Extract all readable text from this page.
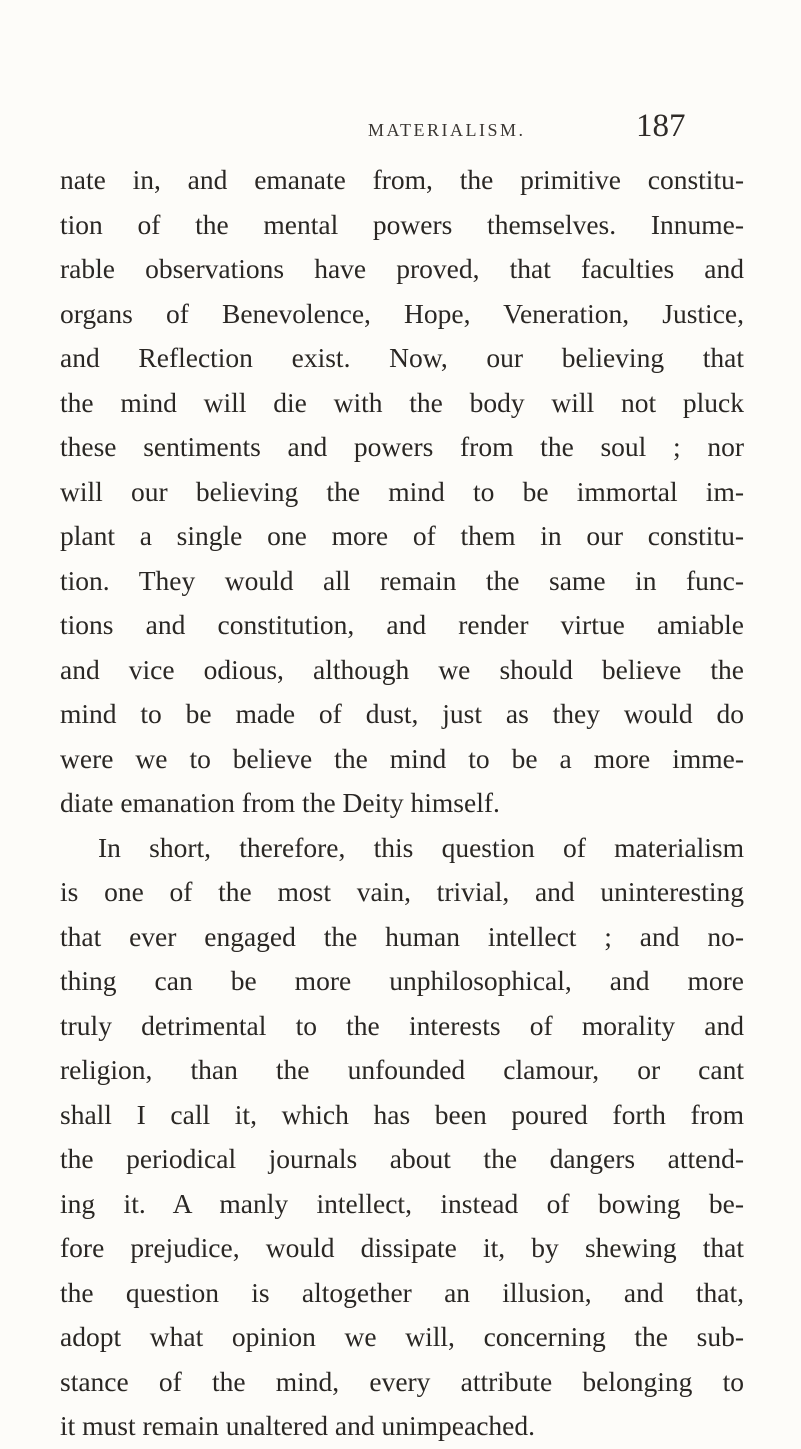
MATERIALISM.	187
nate in, and emanate from, the primitive constitu-
tion of the mental powers themselves. Innume-
rable observations have proved, that faculties and
organs of Benevolence, Hope, Veneration, Justice,
and Reflection exist. Now, our believing that
the mind will die with the body will not pluck
these sentiments and powers from the soul ; nor
will our believing the mind to be immortal im-
plant a single one more of them in our constitu-
tion. They would all remain the same in func-
tions and constitution, and render virtue amiable
and vice odious, although we should believe the
mind to be made of dust, just as they would do
were we to believe the mind to be a more imme-
diate emanation from the Deity himself.
In short, therefore, this question of materialism
is one of the most vain, trivial, and uninteresting
that ever engaged the human intellect ; and no-
thing can be more unphilosophical, and more
truly detrimental to the interests of morality and
religion, than the unfounded clamour, or cant
shall I call it, which has been poured forth from
the periodical journals about the dangers attend-
ing it. A manly intellect, instead of bowing be-
fore prejudice, would dissipate it, by shewing that
the question is altogether an illusion, and that,
adopt what opinion we will, concerning the sub-
stance of the mind, every attribute belonging to
it must remain unaltered and unimpeached.
